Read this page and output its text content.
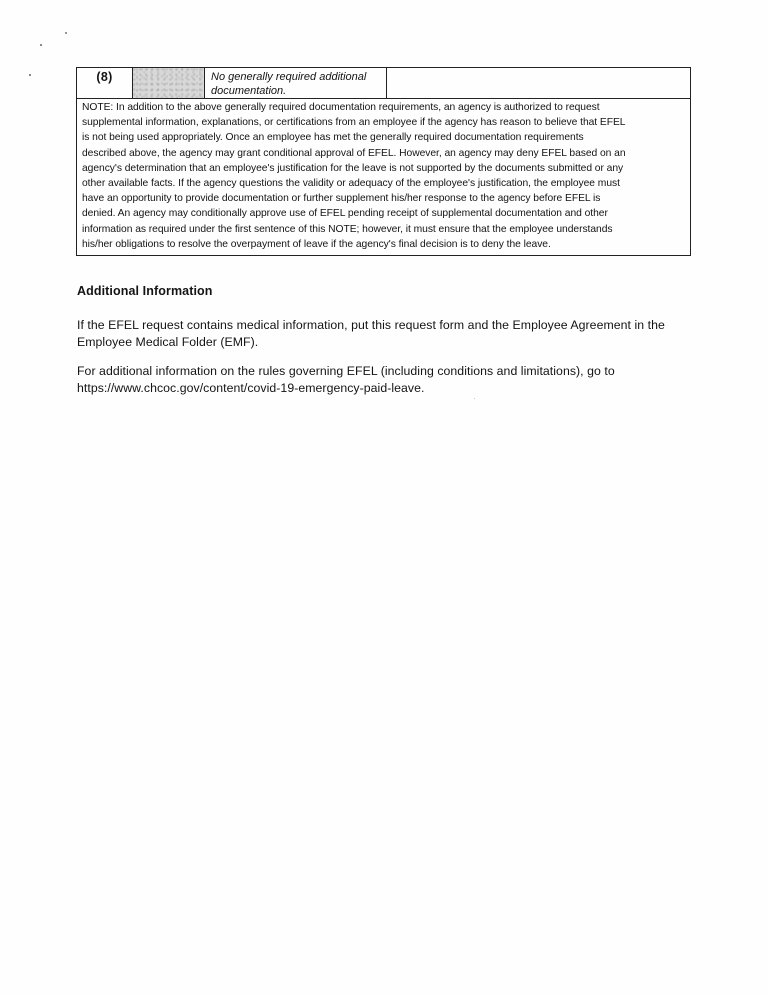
(8)	No generally required additional
documentation.
NOTE: In addition to the above generally required documentation requirements, an agency is authorized to request
supplemental information, explanations, or certifications from an employee if the agency has reason to believe that EFEL
is not being used appropriately. Once an employee has met the generally required documentation requirements
described above, the agency may grant conditional approval of EFEL. However, an agency may deny EFEL based on an
agency's determination that an employee's justification for the leave is not supported by the documents submitted or any
other available facts. If the agency questions the validity or adequacy of the employee's justification, the employee must
have an opportunity to provide documentation or further supplement his/her response to the agency before EFEL is
denied. An agency may conditionally approve use of EFEL pending receipt of supplemental documentation and other
information as required under the first sentence of this NOTE; however, it must ensure that the employee understands
his/her obligations to resolve the overpayment of leave if the agency's final decision is to deny the leave.
Additional Information
If the EFEL request contains medical information, put this request form and the Employee Agreement in the
Employee Medical Folder (EMF).
For additional information on the rules governing EFEL (including conditions and limitations), go to
https://www.chcoc.gov/content/covid-19-emergency-paid-leave.
